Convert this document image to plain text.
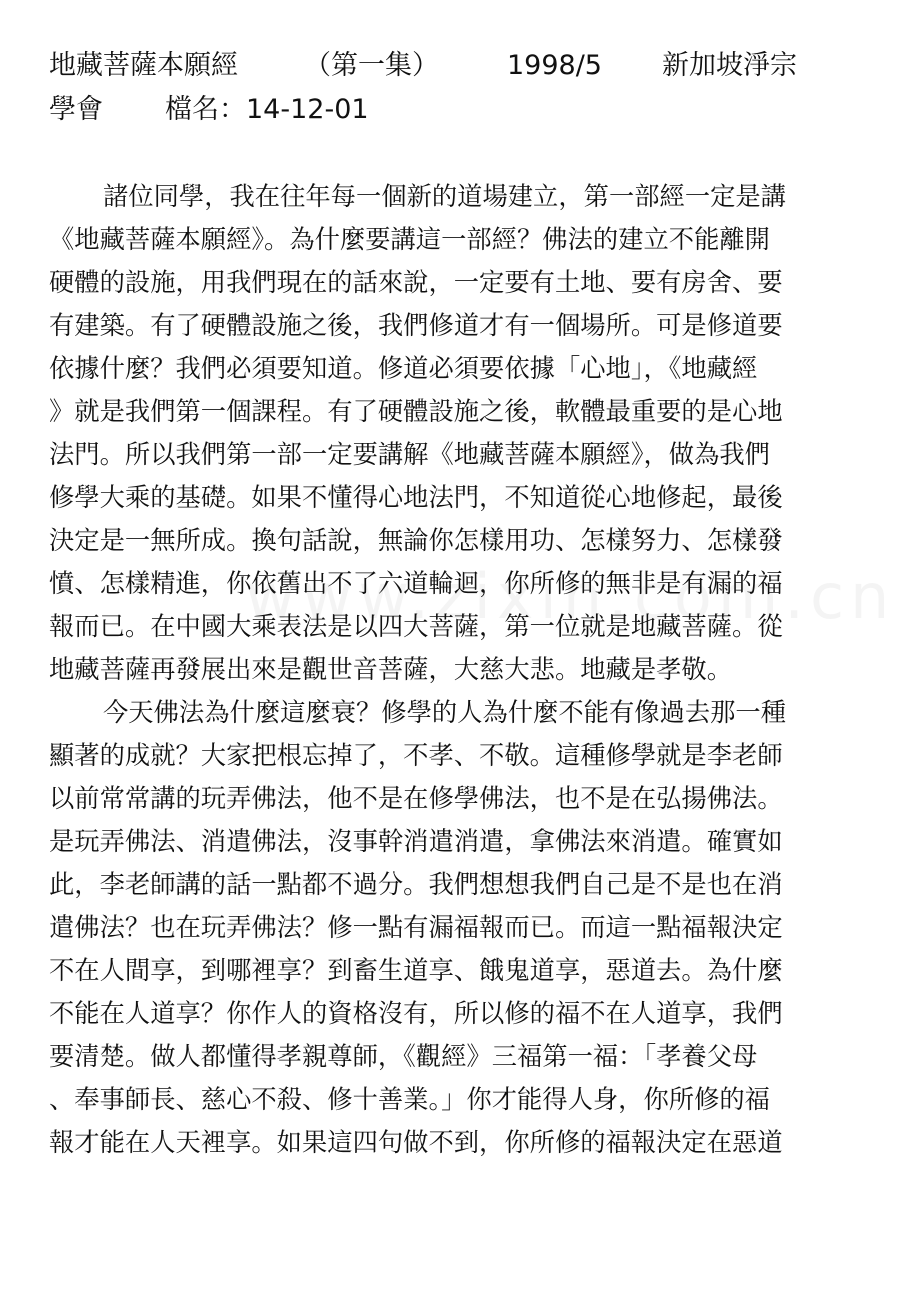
地藏菩薩本願經 （第一集）	1998/5 新加坡淨宗
學會 檔名：14-12-01
諸位同學，我在往年每一個新的道場建立，第一部經一定是講
《地藏菩薩本願經》。為什麼要講這一部經？佛法的建立不能離開
硬體的設施，用我們現在的話來說，一定要有土地、要有房舍、要
有建築。有了硬體設施之後，我們修道才有一個場所。可是修道要
依據什麼？我們必須要知道。修道必須要依據「心地」，《地藏經
》就是我們第一個課程。有了硬體設施之後，軟體最重要的是心地
法門。所以我們第一部一定要講解《地藏菩薩本願經》，做為我們
修學大乘的基礎。如果不懂得心地法門，不知道從心地修起，最後
決定是一無所成。換句話說，無論你怎樣用功、怎樣努力、怎樣發
憤、怎樣精進，你依舊出不了六道輪迴，你所修的無非是有漏的福
報而已。在中國大乘表法是以四大菩薩，第一位就是地藏菩薩。從
地藏菩薩再發展出來是觀世音菩薩，大慈大悲。地藏是孝敬。
今天佛法為什麼這麼衰？修學的人為什麼不能有像過去那一種
顯著的成就？大家把根忘掉了，不孝、不敬。這種修學就是李老師
以前常常講的玩弄佛法，他不是在修學佛法，也不是在弘揚佛法。
是玩弄佛法、消遣佛法，沒事幹消遣消遣，拿佛法來消遣。確實如
此，李老師講的話一點都不過分。我們想想我們自己是不是也在消
遣佛法？也在玩弄佛法？修一點有漏福報而已。而這一點福報決定
不在人間享，到哪裡享？到畜生道享、餓鬼道享，惡道去。為什麼
不能在人道享？你作人的資格沒有，所以修的福不在人道享，我們
要清楚。做人都懂得孝親尊師，《觀經》三福第一福：「孝養父母
、奉事師長、慈心不殺、修十善業。」你才能得人身，你所修的福
報才能在人天裡享。如果這四句做不到，你所修的福報決定在惡道
